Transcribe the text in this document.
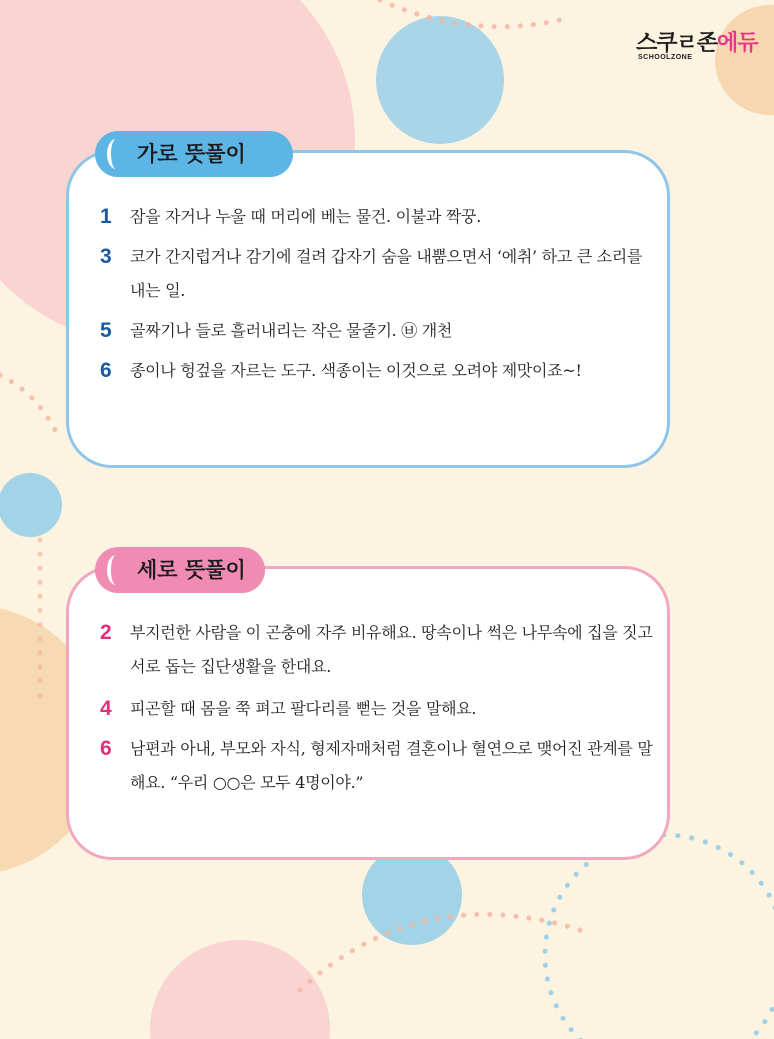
스쿠ㄹ존에듀
SCHOOLZONE
가로 뜻풀이
1 잠을 자거나 누울 때 머리에 베는 물건. 이불과 짝꿍.
3 코가 간지럽거나 감기에 걸려 갑자기 숨을 내뿜으면서 ‘에취’ 하고 큰 소리를 내는 일.
5 골짜기나 들로 흘러내리는 작은 물줄기. ㉥ 개천
6 종이나 헝겊을 자르는 도구. 색종이는 이것으로 오려야 제맛이죠~!
세로 뜻풀이
2 부지런한 사람을 이 곤충에 자주 비유해요. 땅속이나 썩은 나무속에 집을 짓고 서로 돕는 집단생활을 한대요.
4 피곤할 때 몸을 쭉 펴고 팔다리를 뻗는 것을 말해요.
6 남편과 아내, 부모와 자식, 형제자매처럼 결혼이나 혈연으로 맺어진 관계를 말해요. “우리 ○○은 모두 4명이야.”
